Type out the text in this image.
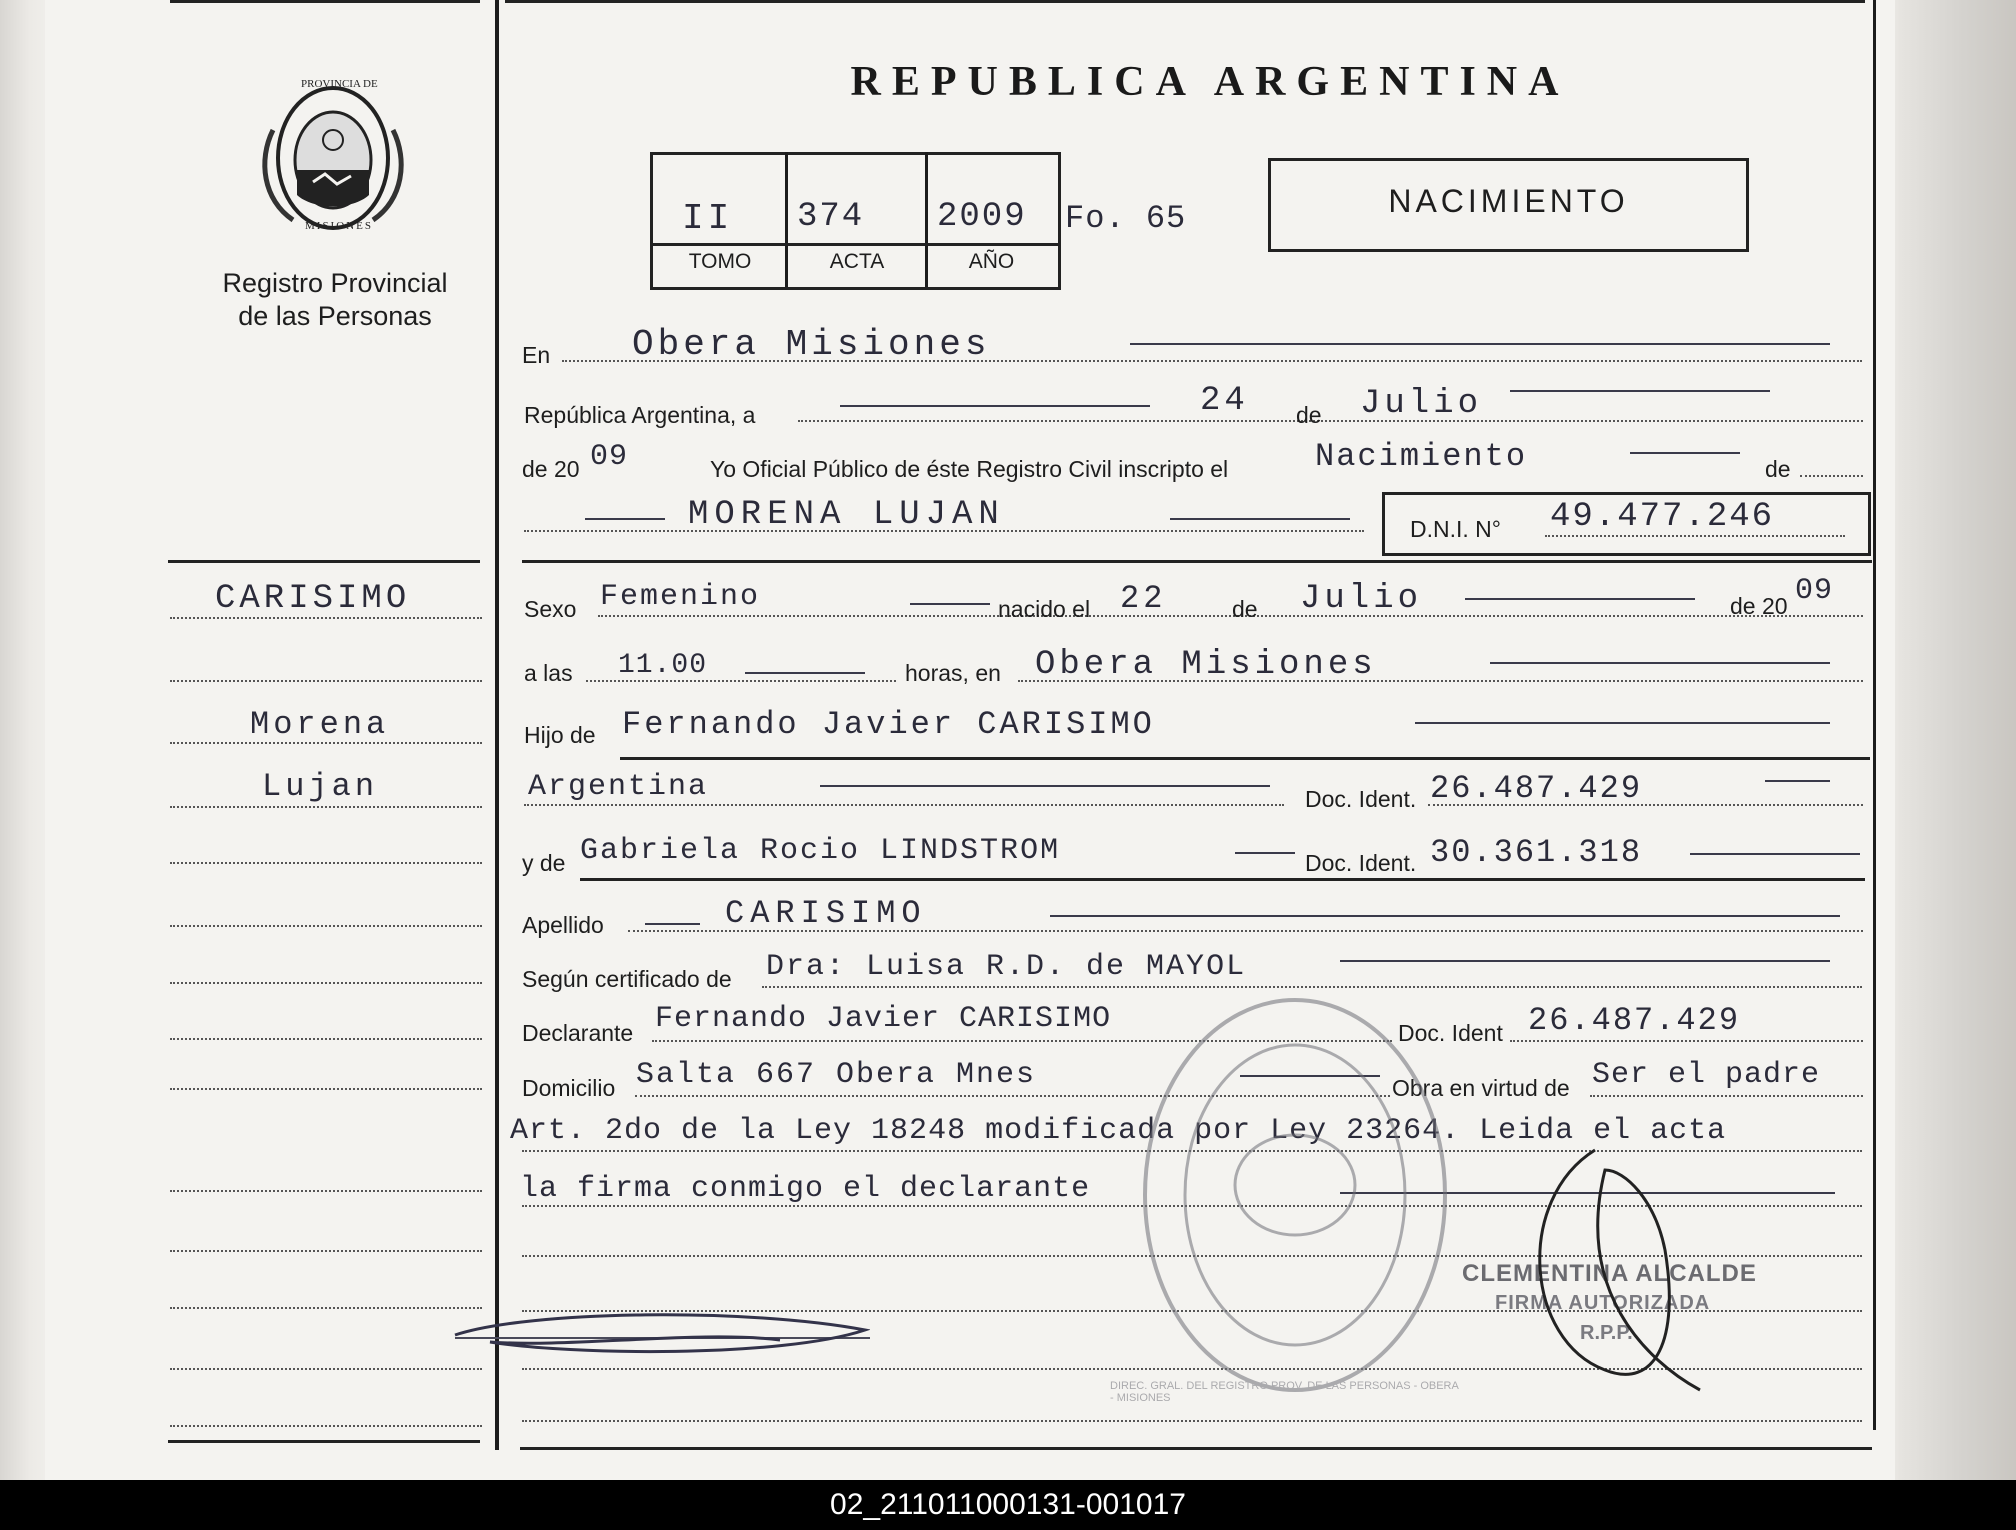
PROVINCIA DE
MISIONES
Registro Provincial
de las Personas
REPUBLICA ARGENTINA
II 374 2009 Fo. 65
TOMO	ACTA	AÑO
NACIMIENTO
CARISIMO
Morena
Lujan
En Obera Misiones
República Argentina, a	24 de Julio
de 20 09	Yo Oficial Público de éste Registro Civil inscripto el	Nacimiento	de
MORENA LUJAN	D.N.I. N° 49.477.246
Sexo Femenino	nacido el 22	de Julio	de 20 09
a las 11.00	horas, en Obera Misiones
Hijo de Fernando Javier CARISIMO
Argentina	Doc. Ident. 26.487.429
y de Gabriela Rocio LINDSTROM	Doc. Ident. 30.361.318
Apellido	CARISIMO
Según certificado de Dra: Luisa R.D. de MAYOL
Declarante Fernando Javier CARISIMO	Doc. Ident 26.487.429
Domicilio Salta 667 Obera Mnes	Obra en virtud de Ser el padre
Art. 2do de la Ley 18248 modificada por Ley 23264. Leida el acta
la firma conmigo el declarante
DIREC. GRAL. DEL REGISTRO PROV. DE LAS PERSONAS - OBERA - MISIONES
CLEMENTINA ALCALDE
FIRMA AUTORIZADA
R.P.P.
02_211011000131-001017
